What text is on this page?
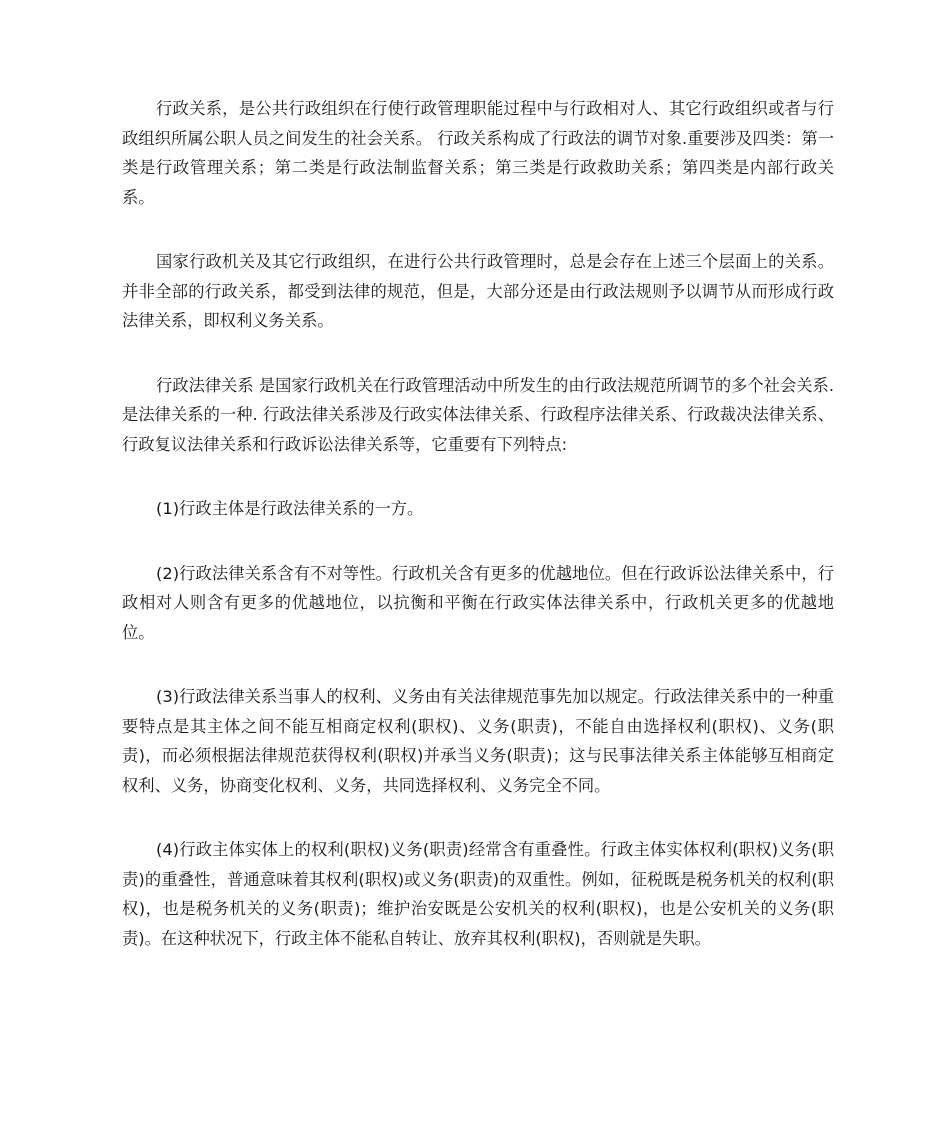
行政关系，是公共行政组织在行使行政管理职能过程中与行政相对人、其它行政组织或者与行政组织所属公职人员之间发生的社会关系。 行政关系构成了行政法的调节对象.重要涉及四类：第一类是行政管理关系；第二类是行政法制监督关系；第三类是行政救助关系；第四类是内部行政关系。

国家行政机关及其它行政组织，在进行公共行政管理时，总是会存在上述三个层面上的关系。并非全部的行政关系，都受到法律的规范，但是，大部分还是由行政法规则予以调节从而形成行政法律关系，即权利义务关系。

行政法律关系 是国家行政机关在行政管理活动中所发生的由行政法规范所调节的多个社会关系.是法律关系的一种. 行政法律关系涉及行政实体法律关系、行政程序法律关系、行政裁决法律关系、行政复议法律关系和行政诉讼法律关系等，它重要有下列特点:

(1)行政主体是行政法律关系的一方。

(2)行政法律关系含有不对等性。行政机关含有更多的优越地位。但在行政诉讼法律关系中，行政相对人则含有更多的优越地位，以抗衡和平衡在行政实体法律关系中，行政机关更多的优越地位。

(3)行政法律关系当事人的权利、义务由有关法律规范事先加以规定。行政法律关系中的一种重要特点是其主体之间不能互相商定权利(职权)、义务(职责)，不能自由选择权利(职权)、义务(职责)，而必须根据法律规范获得权利(职权)并承当义务(职责)；这与民事法律关系主体能够互相商定权利、义务，协商变化权利、义务，共同选择权利、义务完全不同。

(4)行政主体实体上的权利(职权)义务(职责)经常含有重叠性。行政主体实体权利(职权)义务(职责)的重叠性，普通意味着其权利(职权)或义务(职责)的双重性。例如，征税既是税务机关的权利(职权)，也是税务机关的义务(职责)；维护治安既是公安机关的权利(职权)，也是公安机关的义务(职责)。在这种状况下，行政主体不能私自转让、放弃其权利(职权)，否则就是失职。
